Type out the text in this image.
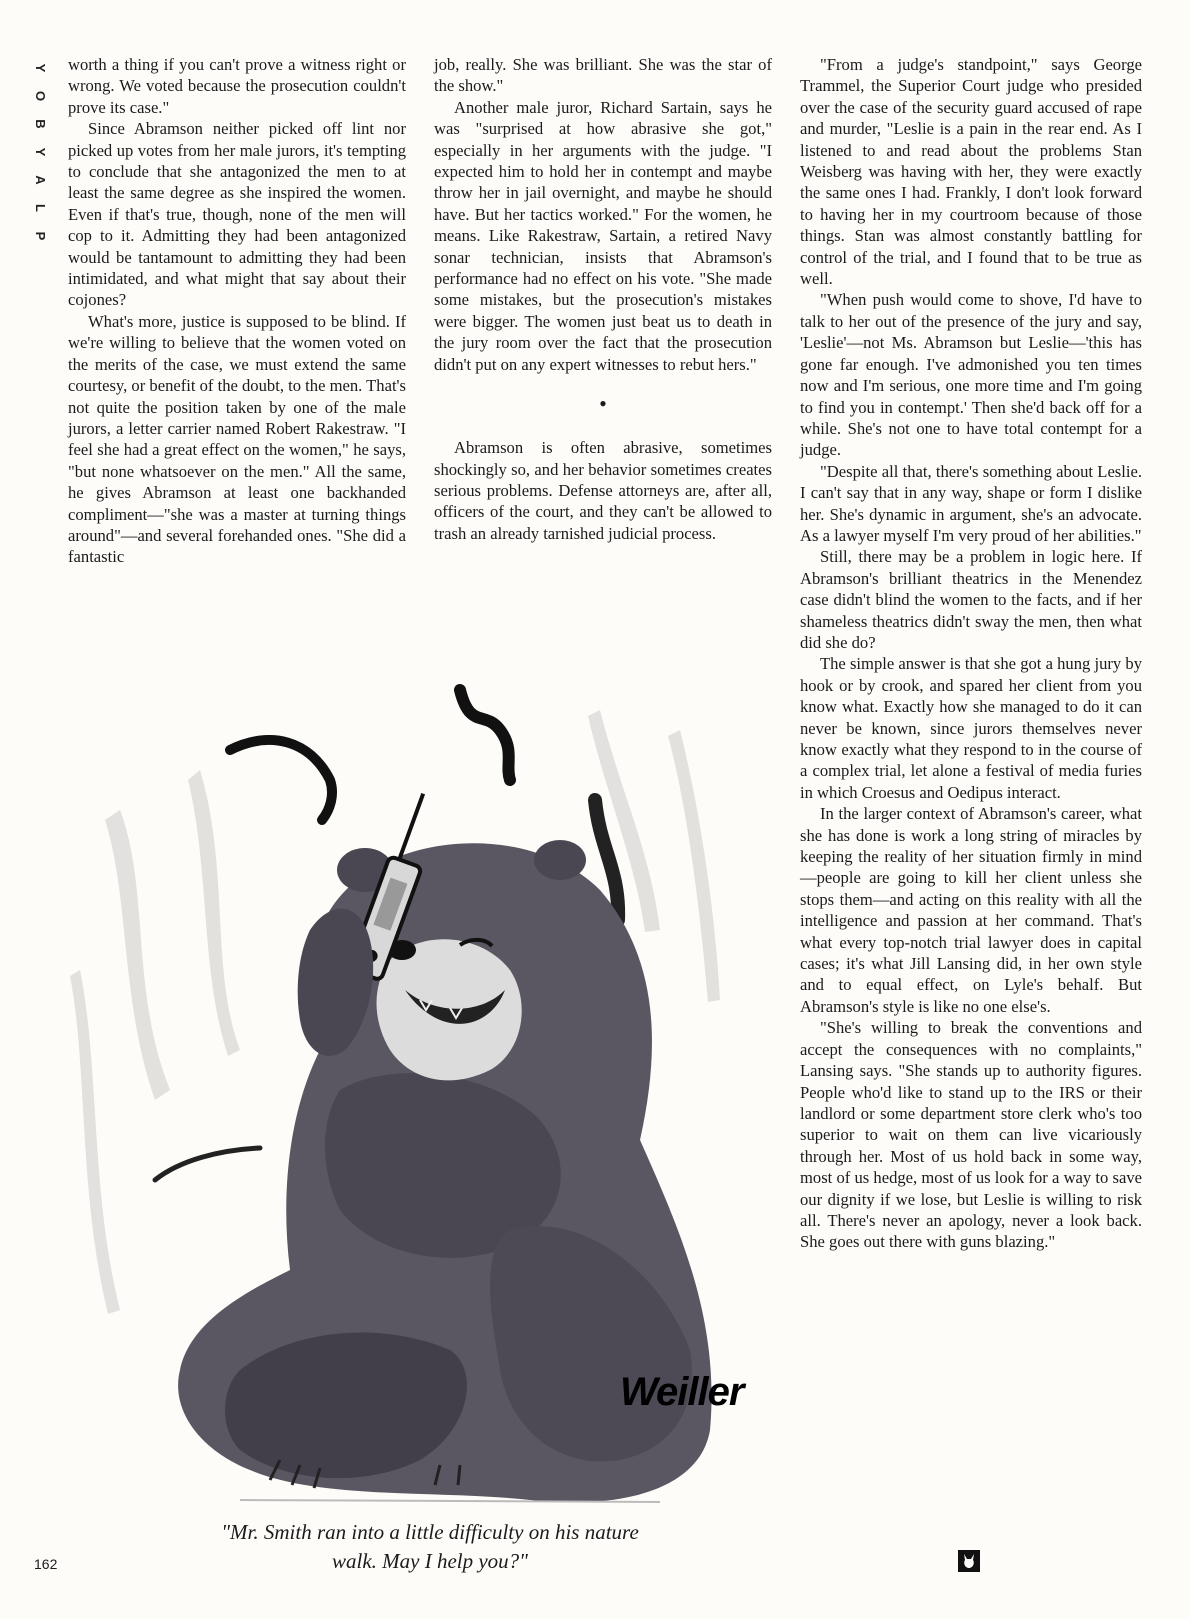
Y
O
B
Y
A
L
P

worth a thing if you can't prove a witness right or wrong. We voted because the prosecution couldn't prove its case."

Since Abramson neither picked off lint nor picked up votes from her male jurors, it's tempting to conclude that she antagonized the men to at least the same degree as she inspired the women. Even if that's true, though, none of the men will cop to it. Admitting they had been antagonized would be tantamount to admitting they had been intimidated, and what might that say about their cojones?

What's more, justice is supposed to be blind. If we're willing to believe that the women voted on the merits of the case, we must extend the same courtesy, or benefit of the doubt, to the men. That's not quite the position taken by one of the male jurors, a letter carrier named Robert Rakestraw. "I feel she had a great effect on the women," he says, "but none whatsoever on the men." All the same, he gives Abramson at least one backhanded compliment—"she was a master at turning things around"—and several forehanded ones. "She did a fantastic

job, really. She was brilliant. She was the star of the show."

Another male juror, Richard Sartain, says he was "surprised at how abrasive she got," especially in her arguments with the judge. "I expected him to hold her in contempt and maybe throw her in jail overnight, and maybe he should have. But her tactics worked." For the women, he means. Like Rakestraw, Sartain, a retired Navy sonar technician, insists that Abramson's performance had no effect on his vote. "She made some mistakes, but the prosecution's mistakes were bigger. The women just beat us to death in the jury room over the fact that the prosecution didn't put on any expert witnesses to rebut hers."

•

Abramson is often abrasive, sometimes shockingly so, and her behavior sometimes creates serious problems. Defense attorneys are, after all, officers of the court, and they can't be allowed to trash an already tarnished judicial process.

"From a judge's standpoint," says George Trammel, the Superior Court judge who presided over the case of the security guard accused of rape and murder, "Leslie is a pain in the rear end. As I listened to and read about the problems Stan Weisberg was having with her, they were exactly the same ones I had. Frankly, I don't look forward to having her in my courtroom because of those things. Stan was almost constantly battling for control of the trial, and I found that to be true as well.

"When push would come to shove, I'd have to talk to her out of the presence of the jury and say, 'Leslie'—not Ms. Abramson but Leslie—'this has gone far enough. I've admonished you ten times now and I'm serious, one more time and I'm going to find you in contempt.' Then she'd back off for a while. She's not one to have total contempt for a judge.

"Despite all that, there's something about Leslie. I can't say that in any way, shape or form I dislike her. She's dynamic in argument, she's an advocate. As a lawyer myself I'm very proud of her abilities."

Still, there may be a problem in logic here. If Abramson's brilliant theatrics in the Menendez case didn't blind the women to the facts, and if her shameless theatrics didn't sway the men, then what did she do?

The simple answer is that she got a hung jury by hook or by crook, and spared her client from you know what. Exactly how she managed to do it can never be known, since jurors themselves never know exactly what they respond to in the course of a complex trial, let alone a festival of media furies in which Croesus and Oedipus interact.

In the larger context of Abramson's career, what she has done is work a long string of miracles by keeping the reality of her situation firmly in mind—people are going to kill her client unless she stops them—and acting on this reality with all the intelligence and passion at her command. That's what every top-notch trial lawyer does in capital cases; it's what Jill Lansing did, in her own style and to equal effect, on Lyle's behalf. But Abramson's style is like no one else's.

"She's willing to break the conventions and accept the consequences with no complaints," Lansing says. "She stands up to authority figures. People who'd like to stand up to the IRS or their landlord or some department store clerk who's too superior to wait on them can live vicariously through her. Most of us hold back in some way, most of us hedge, most of us look for a way to save our dignity if we lose, but Leslie is willing to risk all. There's never an apology, never a look back. She goes out there with guns blazing."

Weiller
"Mr. Smith ran into a little difficulty on his nature
walk. May I help you?"
162
